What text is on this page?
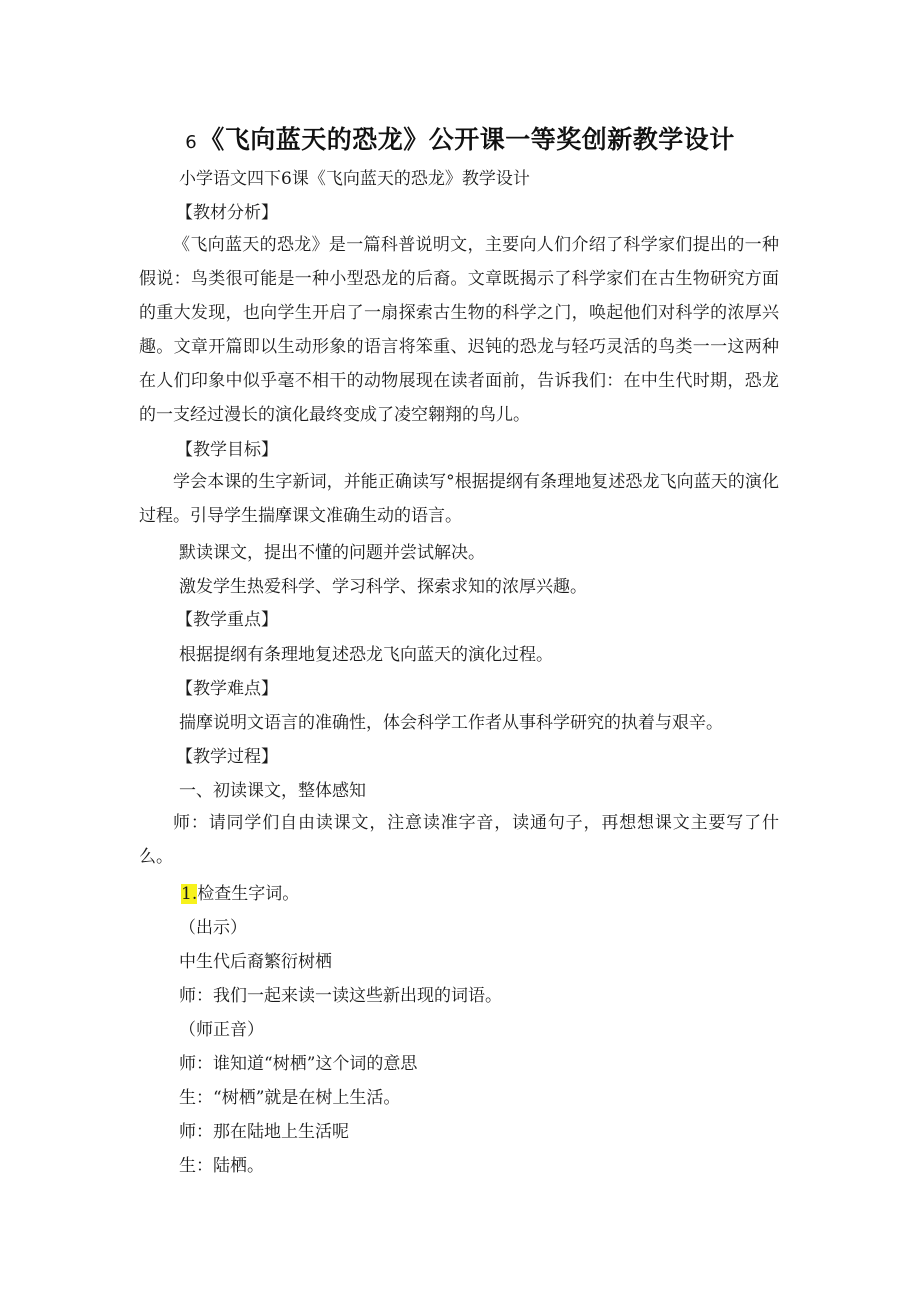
6《飞向蓝天的恐龙》公开课一等奖创新教学设计
小学语文四下6课《飞向蓝天的恐龙》教学设计
【教材分析】
《飞向蓝天的恐龙》是一篇科普说明文，主要向人们介绍了科学家们提出的一种假说：鸟类很可能是一种小型恐龙的后裔。文章既揭示了科学家们在古生物研究方面的重大发现，也向学生开启了一扇探索古生物的科学之门，唤起他们对科学的浓厚兴趣。文章开篇即以生动形象的语言将笨重、迟钝的恐龙与轻巧灵活的鸟类一一这两种在人们印象中似乎毫不相干的动物展现在读者面前，告诉我们：在中生代时期，恐龙的一支经过漫长的演化最终变成了凌空翱翔的鸟儿。
【教学目标】
学会本课的生字新词，并能正确读写°根据提纲有条理地复述恐龙飞向蓝天的演化过程。引导学生揣摩课文准确生动的语言。
默读课文，提出不懂的问题并尝试解决。
激发学生热爱科学、学习科学、探索求知的浓厚兴趣。
【教学重点】
根据提纲有条理地复述恐龙飞向蓝天的演化过程。
【教学难点】
揣摩说明文语言的准确性，体会科学工作者从事科学研究的执着与艰辛。
【教学过程】
一、初读课文，整体感知
师：请同学们自由读课文，注意读准字音，读通句子，再想想课文主要写了什么。
1.检查生字词。
（出示）
中生代后裔繁衍树栖
师：我们一起来读一读这些新出现的词语。
（师正音）
师：谁知道“树栖”这个词的意思
生：“树栖”就是在树上生活。
师：那在陆地上生活呢
生：陆栖。
